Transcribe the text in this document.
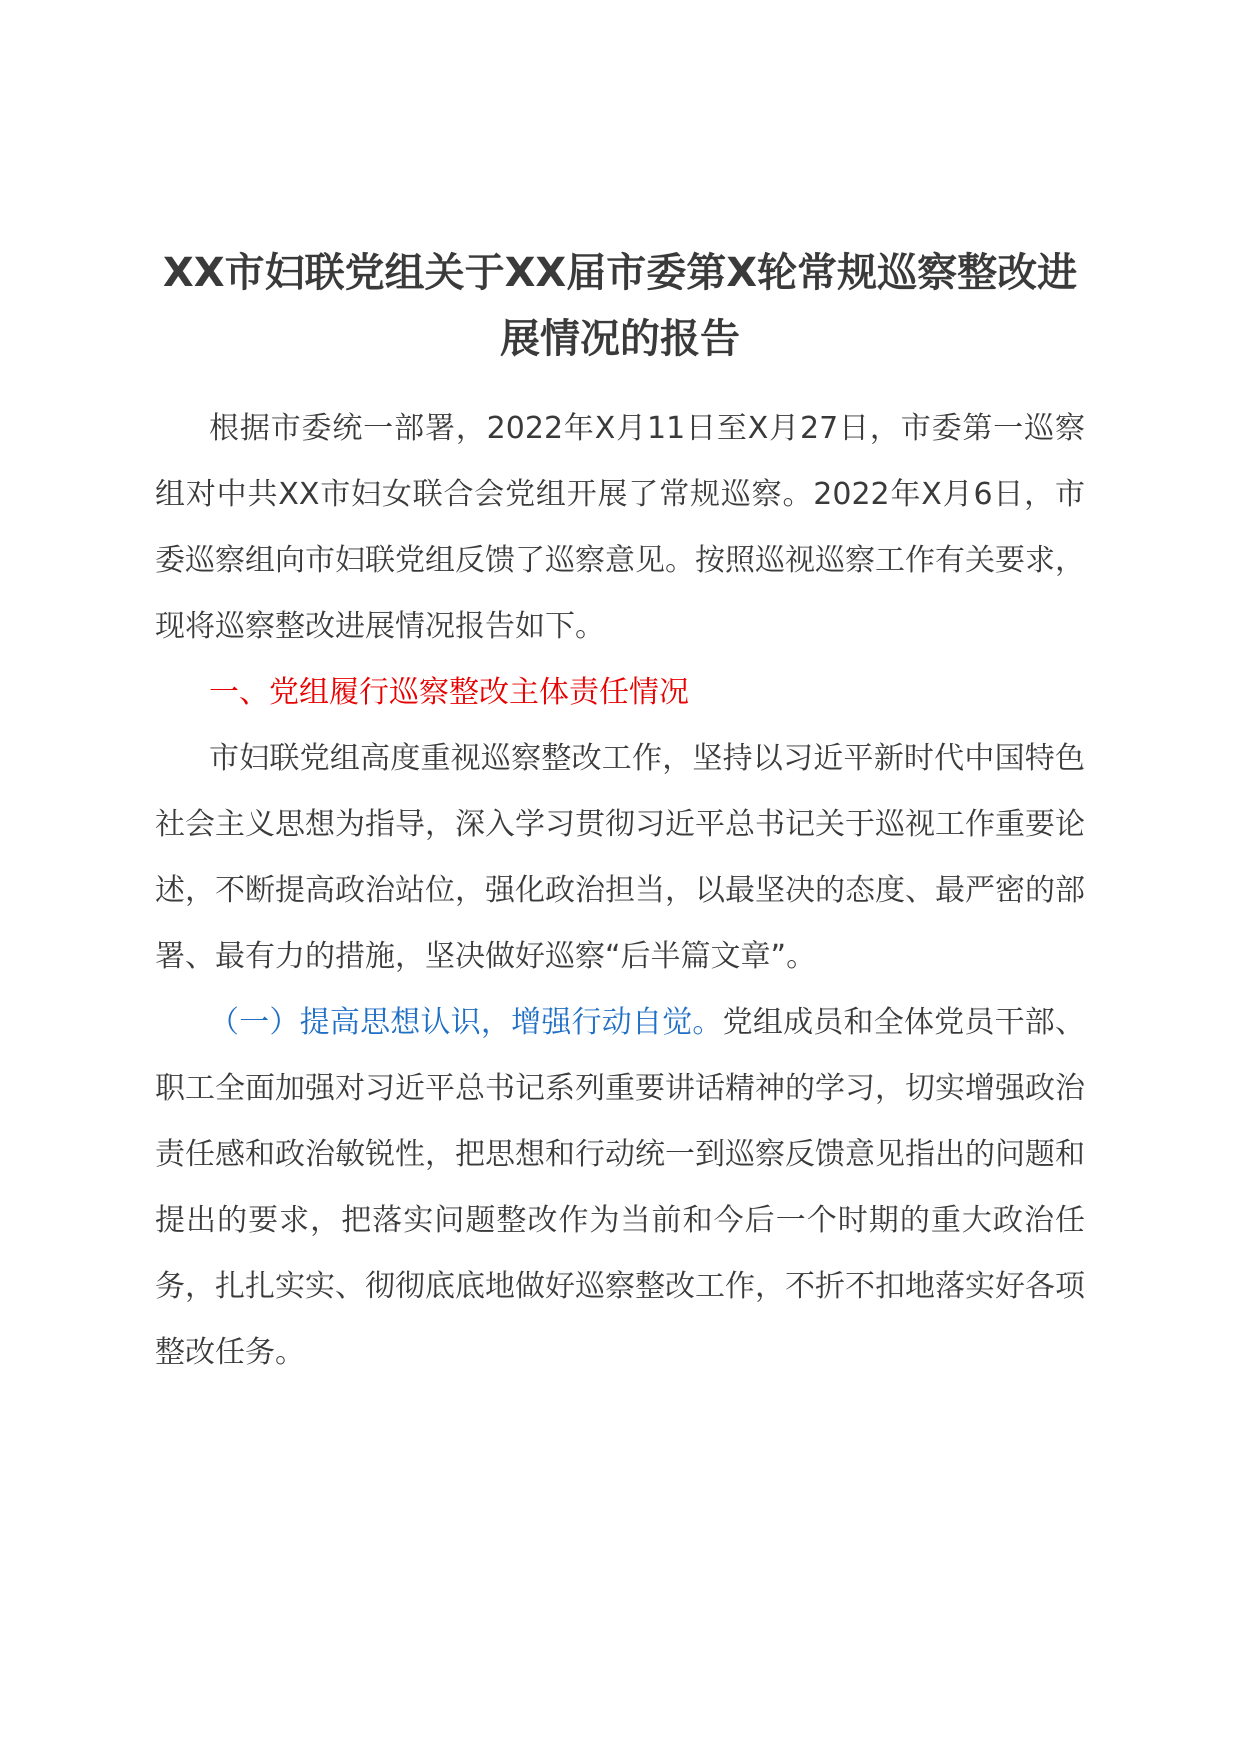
XX市妇联党组关于XX届市委第X轮常规巡察整改进展情况的报告

根据市委统一部署，2022年X月11日至X月27日，市委第一巡察组对中共XX市妇女联合会党组开展了常规巡察。2022年X月6日，市委巡察组向市妇联党组反馈了巡察意见。按照巡视巡察工作有关要求，现将巡察整改进展情况报告如下。

一、党组履行巡察整改主体责任情况

市妇联党组高度重视巡察整改工作，坚持以习近平新时代中国特色社会主义思想为指导，深入学习贯彻习近平总书记关于巡视工作重要论述，不断提高政治站位，强化政治担当，以最坚决的态度、最严密的部署、最有力的措施，坚决做好巡察“后半篇文章”。

（一）提高思想认识，增强行动自觉。党组成员和全体党员干部、职工全面加强对习近平总书记系列重要讲话精神的学习，切实增强政治责任感和政治敏锐性，把思想和行动统一到巡察反馈意见指出的问题和提出的要求，把落实问题整改作为当前和今后一个时期的重大政治任务，扎扎实实、彻彻底底地做好巡察整改工作，不折不扣地落实好各项整改任务。
